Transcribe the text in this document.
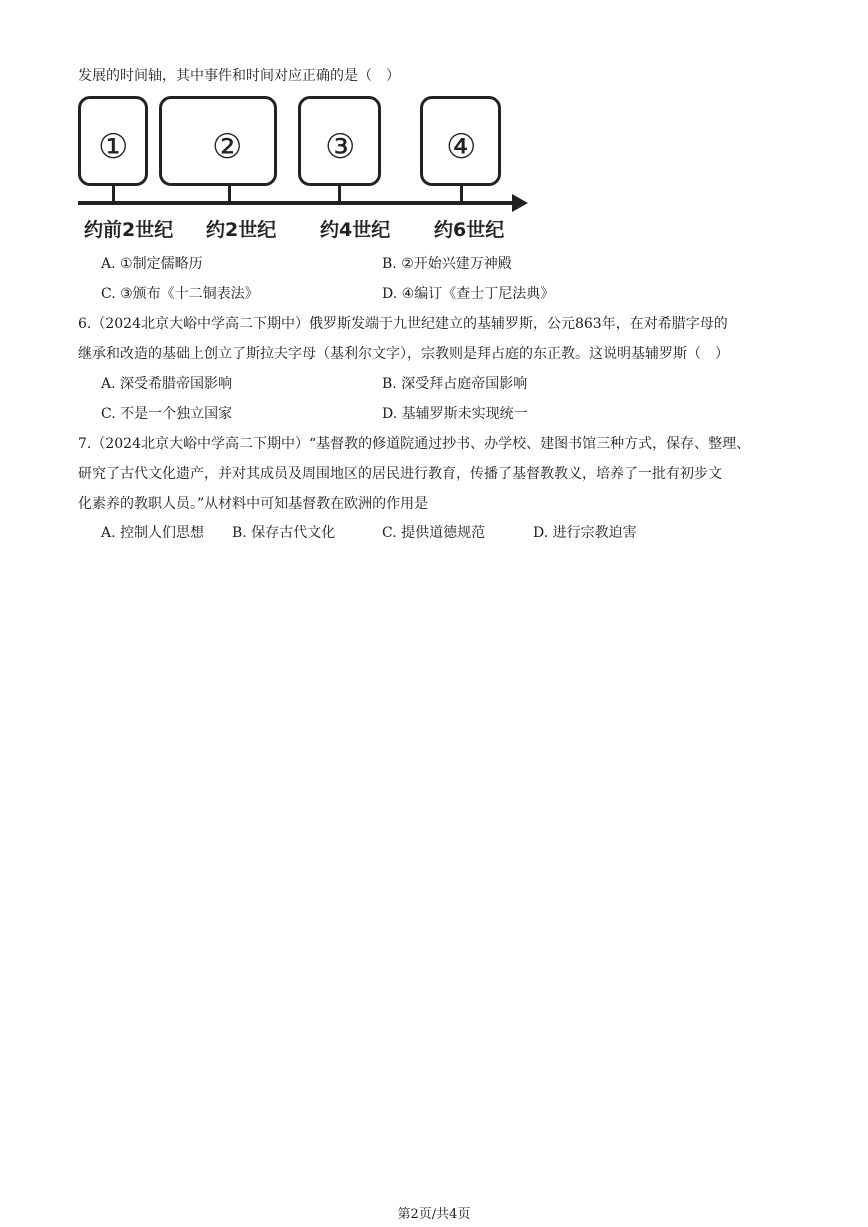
发展的时间轴，其中事件和时间对应正确的是（　）
① ② ③	④
约前2世纪 约2世纪 约4世纪 约6世纪
A. ①制定儒略历	B. ②开始兴建万神殿
C. ③颁布《十二铜表法》	D. ④编订《查士丁尼法典》
6.（2024北京大峪中学高二下期中）俄罗斯发端于九世纪建立的基辅罗斯，公元863年，在对希腊字母的
继承和改造的基础上创立了斯拉夫字母（基利尔文字），宗教则是拜占庭的东正教。这说明基辅罗斯（　）
A. 深受希腊帝国影响	B. 深受拜占庭帝国影响
C. 不是一个独立国家	D. 基辅罗斯未实现统一
7.（2024北京大峪中学高二下期中）“基督教的修道院通过抄书、办学校、建图书馆三种方式，保存、整理、
研究了古代文化遗产，并对其成员及周围地区的居民进行教育，传播了基督教教义，培养了一批有初步文
化素养的教职人员。”从材料中可知基督教在欧洲的作用是
A. 控制人们思想 B. 保存古代文化	C. 提供道德规范	D. 进行宗教迫害
第2页/共4页
